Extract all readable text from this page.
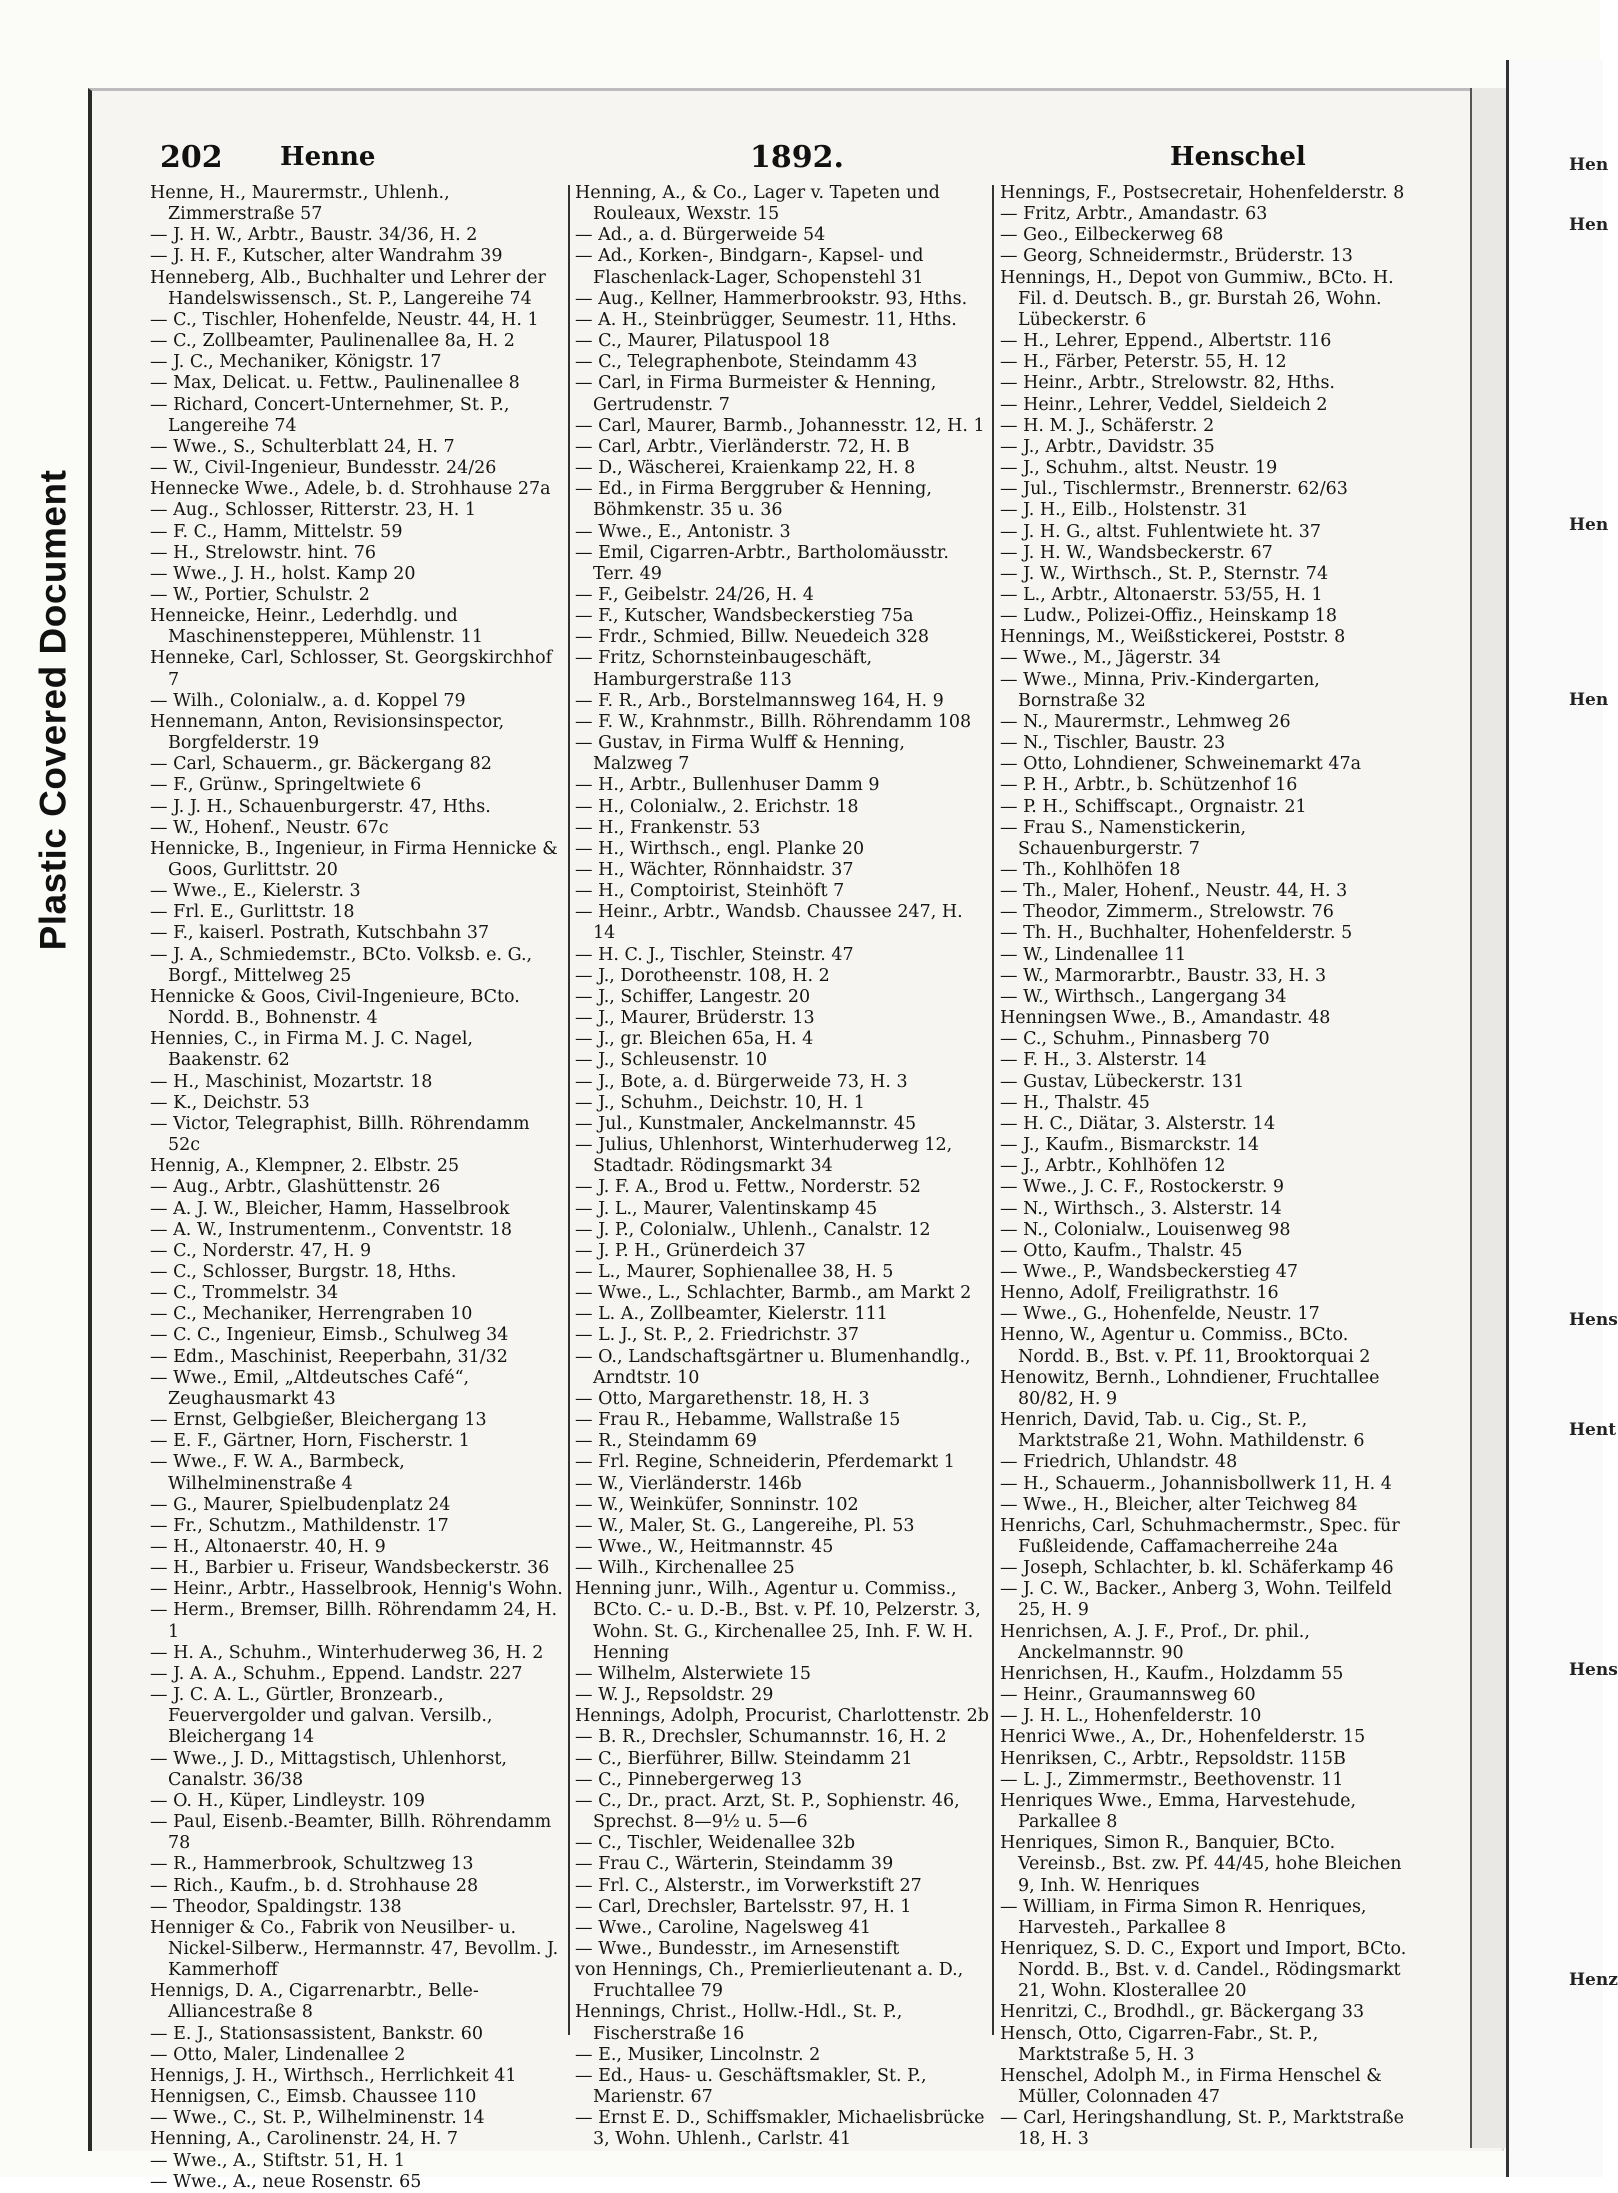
Plastic Covered Document
Hen
Hen
Hen
Hen
Hens
Hent
Hens
Henz
202 Henne	1892.	Henschel

Henne, H., Maurermstr., Uhlenh., Zimmerstraße 57

— J. H. W., Arbtr., Baustr. 34/36, H. 2

— J. H. F., Kutscher, alter Wandrahm 39

Henneberg, Alb., Buchhalter und Lehrer der Handelswissensch., St. P., Langereihe 74

— C., Tischler, Hohenfelde, Neustr. 44, H. 1

— C., Zollbeamter, Paulinenallee 8a, H. 2

— J. C., Mechaniker, Königstr. 17

— Max, Delicat. u. Fettw., Paulinenallee 8

— Richard, Concert-Unternehmer, St. P., Langereihe 74

— Wwe., S., Schulterblatt 24, H. 7

— W., Civil-Ingenieur, Bundesstr. 24/26

Hennecke Wwe., Adele, b. d. Strohhause 27a

— Aug., Schlosser, Ritterstr. 23, H. 1

— F. C., Hamm, Mittelstr. 59

— H., Strelowstr. hint. 76

— Wwe., J. H., holst. Kamp 20

— W., Portier, Schulstr. 2

Henneicke, Heinr., Lederhdlg. und Maschinensteppereı, Mühlenstr. 11

Henneke, Carl, Schlosser, St. Georgskirchhof 7

— Wilh., Colonialw., a. d. Koppel 79

Hennemann, Anton, Revisionsinspector, Borgfelderstr. 19

— Carl, Schauerm., gr. Bäckergang 82

— F., Grünw., Springeltwiete 6

— J. J. H., Schauenburgerstr. 47, Hths.

— W., Hohenf., Neustr. 67c

Hennicke, B., Ingenieur, in Firma Hennicke & Goos, Gurlittstr. 20

— Wwe., E., Kielerstr. 3

— Frl. E., Gurlittstr. 18

— F., kaiserl. Postrath, Kutschbahn 37

— J. A., Schmiedemstr., BCto. Volksb. e. G., Borgf., Mittelweg 25

Hennicke & Goos, Civil-Ingenieure, BCto. Nordd. B., Bohnenstr. 4

Hennies, C., in Firma M. J. C. Nagel, Baakenstr. 62

— H., Maschinist, Mozartstr. 18

— K., Deichstr. 53

— Victor, Telegraphist, Billh. Röhrendamm 52c

Hennig, A., Klempner, 2. Elbstr. 25

— Aug., Arbtr., Glashüttenstr. 26

— A. J. W., Bleicher, Hamm, Hasselbrook

— A. W., Instrumentenm., Conventstr. 18

— C., Norderstr. 47, H. 9

— C., Schlosser, Burgstr. 18, Hths.

— C., Trommelstr. 34

— C., Mechaniker, Herrengraben 10

— C. C., Ingenieur, Eimsb., Schulweg 34

— Edm., Maschinist, Reeperbahn, 31/32

— Wwe., Emil, „Altdeutsches Café“, Zeughausmarkt 43

— Ernst, Gelbgießer, Bleichergang 13

— E. F., Gärtner, Horn, Fischerstr. 1

— Wwe., F. W. A., Barmbeck, Wilhelminenstraße 4

— G., Maurer, Spielbudenplatz 24

— Fr., Schutzm., Mathildenstr. 17

— H., Altonaerstr. 40, H. 9

— H., Barbier u. Friseur, Wandsbeckerstr. 36

— Heinr., Arbtr., Hasselbrook, Hennig's Wohn.

— Herm., Bremser, Billh. Röhrendamm 24, H. 1

— H. A., Schuhm., Winterhuderweg 36, H. 2

— J. A. A., Schuhm., Eppend. Landstr. 227

— J. C. A. L., Gürtler, Bronzearb., Feuervergolder und galvan. Versilb., Bleichergang 14

— Wwe., J. D., Mittagstisch, Uhlenhorst, Canalstr. 36/38

— O. H., Küper, Lindleystr. 109

— Paul, Eisenb.-Beamter, Billh. Röhrendamm 78

— R., Hammerbrook, Schultzweg 13

— Rich., Kaufm., b. d. Strohhause 28

— Theodor, Spaldingstr. 138

Henniger & Co., Fabrik von Neusilber- u. Nickel-Silberw., Hermannstr. 47, Bevollm. J. Kammerhoff

Hennigs, D. A., Cigarrenarbtr., Belle-Alliancestraße 8

— E. J., Stationsassistent, Bankstr. 60

— Otto, Maler, Lindenallee 2

Hennigs, J. H., Wirthsch., Herrlichkeit 41

Hennigsen, C., Eimsb. Chaussee 110

— Wwe., C., St. P., Wilhelminenstr. 14

Henning, A., Carolinenstr. 24, H. 7

— Wwe., A., Stiftstr. 51, H. 1

— Wwe., A., neue Rosenstr. 65

Henning, A., & Co., Lager v. Tapeten und Rouleaux, Wexstr. 15

— Ad., a. d. Bürgerweide 54

— Ad., Korken-, Bindgarn-, Kapsel- und Flaschenlack-Lager, Schopenstehl 31

— Aug., Kellner, Hammerbrookstr. 93, Hths.

— A. H., Steinbrügger, Seumestr. 11, Hths.

— C., Maurer, Pilatuspool 18

— C., Telegraphenbote, Steindamm 43

— Carl, in Firma Burmeister & Henning, Gertrudenstr. 7

— Carl, Maurer, Barmb., Johannesstr. 12, H. 1

— Carl, Arbtr., Vierländerstr. 72, H. B

— D., Wäscherei, Kraienkamp 22, H. 8

— Ed., in Firma Berggruber & Henning, Böhmkenstr. 35 u. 36

— Wwe., E., Antonistr. 3

— Emil, Cigarren-Arbtr., Bartholomäusstr. Terr. 49

— F., Geibelstr. 24/26, H. 4

— F., Kutscher, Wandsbeckerstieg 75a

— Frdr., Schmied, Billw. Neuedeich 328

— Fritz, Schornsteinbaugeschäft, Hamburgerstraße 113

— F. R., Arb., Borstelmannsweg 164, H. 9

— F. W., Krahnmstr., Billh. Röhrendamm 108

— Gustav, in Firma Wulff & Henning, Malzweg 7

— H., Arbtr., Bullenhuser Damm 9

— H., Colonialw., 2. Erichstr. 18

— H., Frankenstr. 53

— H., Wirthsch., engl. Planke 20

— H., Wächter, Rönnhaidstr. 37

— H., Comptoirist, Steinhöft 7

— Heinr., Arbtr., Wandsb. Chaussee 247, H. 14

— H. C. J., Tischler, Steinstr. 47

— J., Dorotheenstr. 108, H. 2

— J., Schiffer, Langestr. 20

— J., Maurer, Brüderstr. 13

— J., gr. Bleichen 65a, H. 4

— J., Schleusenstr. 10

— J., Bote, a. d. Bürgerweide 73, H. 3

— J., Schuhm., Deichstr. 10, H. 1

— Jul., Kunstmaler, Anckelmannstr. 45

— Julius, Uhlenhorst, Winterhuderweg 12, Stadtadr. Rödingsmarkt 34

— J. F. A., Brod u. Fettw., Norderstr. 52

— J. L., Maurer, Valentinskamp 45

— J. P., Colonialw., Uhlenh., Canalstr. 12

— J. P. H., Grünerdeich 37

— L., Maurer, Sophienallee 38, H. 5

— Wwe., L., Schlachter, Barmb., am Markt 2

— L. A., Zollbeamter, Kielerstr. 111

— L. J., St. P., 2. Friedrichstr. 37

— O., Landschaftsgärtner u. Blumenhandlg., Arndtstr. 10

— Otto, Margarethenstr. 18, H. 3

— Frau R., Hebamme, Wallstraße 15

— R., Steindamm 69

— Frl. Regine, Schneiderin, Pferdemarkt 1

— W., Vierländerstr. 146b

— W., Weinküfer, Sonninstr. 102

— W., Maler, St. G., Langereihe, Pl. 53

— Wwe., W., Heitmannstr. 45

— Wilh., Kirchenallee 25

Henning junr., Wilh., Agentur u. Commiss., BCto. C.- u. D.-B., Bst. v. Pf. 10, Pelzerstr. 3, Wohn. St. G., Kirchenallee 25, Inh. F. W. H. Henning

— Wilhelm, Alsterwiete 15

— W. J., Repsoldstr. 29

Hennings, Adolph, Procurist, Charlottenstr. 2b

— B. R., Drechsler, Schumannstr. 16, H. 2

— C., Bierführer, Billw. Steindamm 21

— C., Pinnebergerweg 13

— C., Dr., pract. Arzt, St. P., Sophienstr. 46, Sprechst. 8—9½ u. 5—6

— C., Tischler, Weidenallee 32b

— Frau C., Wärterin, Steindamm 39

— Frl. C., Alsterstr., im Vorwerkstift 27

— Carl, Drechsler, Bartelsstr. 97, H. 1

— Wwe., Caroline, Nagelsweg 41

— Wwe., Bundesstr., im Arnesenstift

von Hennings, Ch., Premierlieutenant a. D., Fruchtallee 79

Hennings, Christ., Hollw.-Hdl., St. P., Fischerstraße 16

— E., Musiker, Lincolnstr. 2

— Ed., Haus- u. Geschäftsmakler, St. P., Marienstr. 67

— Ernst E. D., Schiffsmakler, Michaelisbrücke 3, Wohn. Uhlenh., Carlstr. 41

Hennings, F., Postsecretair, Hohenfelderstr. 8

— Fritz, Arbtr., Amandastr. 63

— Geo., Eilbeckerweg 68

— Georg, Schneidermstr., Brüderstr. 13

Hennings, H., Depot von Gummiw., BCto. H. Fil. d. Deutsch. B., gr. Burstah 26, Wohn. Lübeckerstr. 6

— H., Lehrer, Eppend., Albertstr. 116

— H., Färber, Peterstr. 55, H. 12

— Heinr., Arbtr., Strelowstr. 82, Hths.

— Heinr., Lehrer, Veddel, Sieldeich 2

— H. M. J., Schäferstr. 2

— J., Arbtr., Davidstr. 35

— J., Schuhm., altst. Neustr. 19

— Jul., Tischlermstr., Brennerstr. 62/63

— J. H., Eilb., Holstenstr. 31

— J. H. G., altst. Fuhlentwiete ht. 37

— J. H. W., Wandsbeckerstr. 67

— J. W., Wirthsch., St. P., Sternstr. 74

— L., Arbtr., Altonaerstr. 53/55, H. 1

— Ludw., Polizei-Offiz., Heinskamp 18

Hennings, M., Weißstickerei, Poststr. 8

— Wwe., M., Jägerstr. 34

— Wwe., Minna, Priv.-Kindergarten, Bornstraße 32

— N., Maurermstr., Lehmweg 26

— N., Tischler, Baustr. 23

— Otto, Lohndiener, Schweinemarkt 47a

— P. H., Arbtr., b. Schützenhof 16

— P. H., Schiffscapt., Orgnaistr. 21

— Frau S., Namenstickerin, Schauenburgerstr. 7

— Th., Kohlhöfen 18

— Th., Maler, Hohenf., Neustr. 44, H. 3

— Theodor, Zimmerm., Strelowstr. 76

— Th. H., Buchhalter, Hohenfelderstr. 5

— W., Lindenallee 11

— W., Marmorarbtr., Baustr. 33, H. 3

— W., Wirthsch., Langergang 34

Henningsen Wwe., B., Amandastr. 48

— C., Schuhm., Pinnasberg 70

— F. H., 3. Alsterstr. 14

— Gustav, Lübeckerstr. 131

— H., Thalstr. 45

— H. C., Diätar, 3. Alsterstr. 14

— J., Kaufm., Bismarckstr. 14

— J., Arbtr., Kohlhöfen 12

— Wwe., J. C. F., Rostockerstr. 9

— N., Wirthsch., 3. Alsterstr. 14

— N., Colonialw., Louisenweg 98

— Otto, Kaufm., Thalstr. 45

— Wwe., P., Wandsbeckerstieg 47

Henno, Adolf, Freiligrathstr. 16

— Wwe., G., Hohenfelde, Neustr. 17

Henno, W., Agentur u. Commiss., BCto. Nordd. B., Bst. v. Pf. 11, Brooktorquai 2

Henowitz, Bernh., Lohndiener, Fruchtallee 80/82, H. 9

Henrich, David, Tab. u. Cig., St. P., Marktstraße 21, Wohn. Mathildenstr. 6

— Friedrich, Uhlandstr. 48

— H., Schauerm., Johannisbollwerk 11, H. 4

— Wwe., H., Bleicher, alter Teichweg 84

Henrichs, Carl, Schuhmachermstr., Spec. für Fußleidende, Caffamacherreihe 24a

— Joseph, Schlachter, b. kl. Schäferkamp 46

— J. C. W., Backer., Anberg 3, Wohn. Teilfeld 25, H. 9

Henrichsen, A. J. F., Prof., Dr. phil., Anckelmannstr. 90

Henrichsen, H., Kaufm., Holzdamm 55

— Heinr., Graumannsweg 60

— J. H. L., Hohenfelderstr. 10

Henrici Wwe., A., Dr., Hohenfelderstr. 15

Henriksen, C., Arbtr., Repsoldstr. 115B

— L. J., Zimmermstr., Beethovenstr. 11

Henriques Wwe., Emma, Harvestehude, Parkallee 8

Henriques, Simon R., Banquier, BCto. Vereinsb., Bst. zw. Pf. 44/45, hohe Bleichen 9, Inh. W. Henriques

— William, in Firma Simon R. Henriques, Harvesteh., Parkallee 8

Henriquez, S. D. C., Export und Import, BCto. Nordd. B., Bst. v. d. Candel., Rödingsmarkt 21, Wohn. Klosterallee 20

Henritzi, C., Brodhdl., gr. Bäckergang 33

Hensch, Otto, Cigarren-Fabr., St. P., Marktstraße 5, H. 3

Henschel, Adolph M., in Firma Henschel & Müller, Colonnaden 47

— Carl, Heringshandlung, St. P., Marktstraße 18, H. 3
